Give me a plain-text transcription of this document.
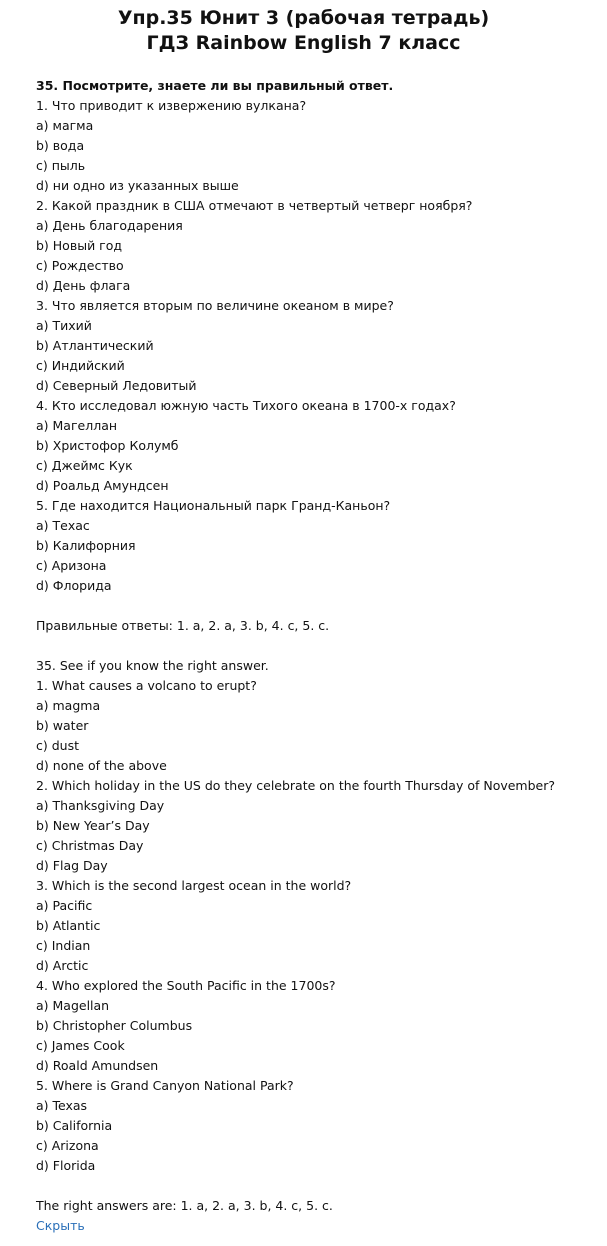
Упр.35 Юнит 3 (рабочая тетрадь)
ГДЗ Rainbow English 7 класс
35. Посмотрите, знаете ли вы правильный ответ.
1. Что приводит к извержению вулкана?
a) магма
b) вода
c) пыль
d) ни одно из указанных выше
2. Какой праздник в США отмечают в четвертый четверг ноября?
a) День благодарения
b) Новый год
c) Рождество
d) День флага
3. Что является вторым по величине океаном в мире?
a) Тихий
b) Атлантический
c) Индийский
d) Северный Ледовитый
4. Кто исследовал южную часть Тихого океана в 1700-х годах?
a) Магеллан
b) Христофор Колумб
c) Джеймс Кук
d) Роальд Амундсен
5. Где находится Национальный парк Гранд-Каньон?
a) Техас
b) Калифорния
c) Аризона
d) Флорида
Правильные ответы: 1. a, 2. a, 3. b, 4. c, 5. c.
35. See if you know the right answer.
1. What causes a volcano to erupt?
a) magma
b) water
c) dust
d) none of the above
2. Which holiday in the US do they celebrate on the fourth Thursday of November?
a) Thanksgiving Day
b) New Year’s Day
c) Christmas Day
d) Flag Day
3. Which is the second largest ocean in the world?
a) Pacific
b) Atlantic
c) Indian
d) Arctic
4. Who explored the South Pacific in the 1700s?
a) Magellan
b) Christopher Columbus
c) James Cook
d) Roald Amundsen
5. Where is Grand Canyon National Park?
a) Texas
b) California
c) Arizona
d) Florida
The right answers are: 1. a, 2. a, 3. b, 4. c, 5. c.
Скрыть
